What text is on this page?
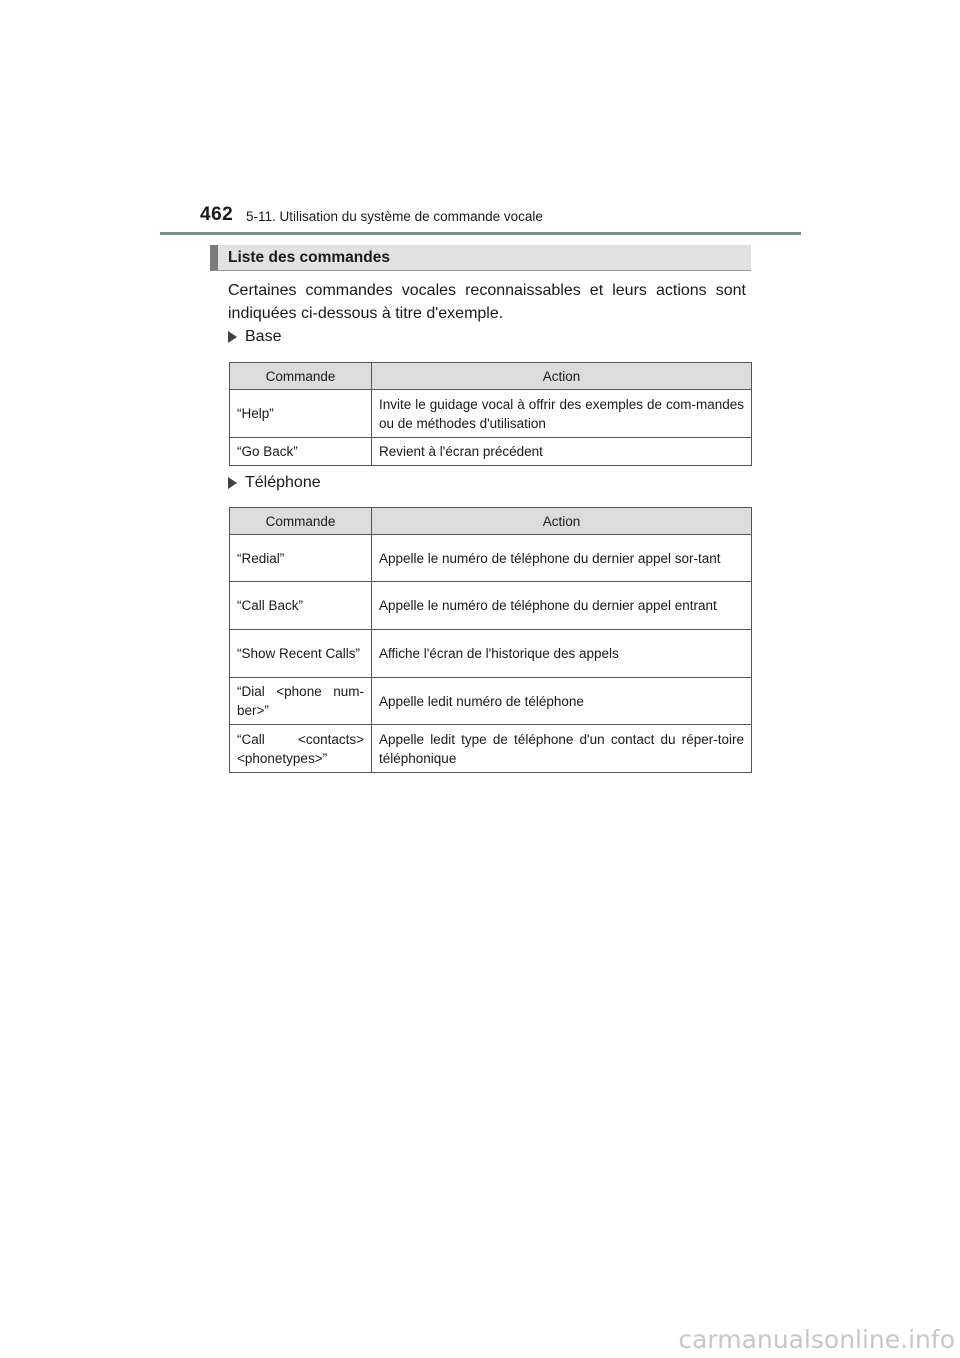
462 5-11. Utilisation du système de commande vocale
Liste des commandes
Certaines commandes vocales reconnaissables et leurs actions sont indiquées ci-dessous à titre d'exemple.
Base
Commande	Action
“Help”	Invite le guidage vocal à offrir des exemples de com-mandes ou de méthodes d'utilisation
“Go Back”	Revient à l'écran précédent
Téléphone
Commande	Action
“Redial”	Appelle le numéro de téléphone du dernier appel sor-tant
“Call Back”	Appelle le numéro de téléphone du dernier appel entrant
“Show Recent Calls”	Affiche l'écran de l'historique des appels
“Dial <phone num-ber>”	Appelle ledit numéro de téléphone
“Call <contacts> <phonetypes>”	Appelle ledit type de téléphone d'un contact du réper-toire téléphonique
carmanualsonline.info
